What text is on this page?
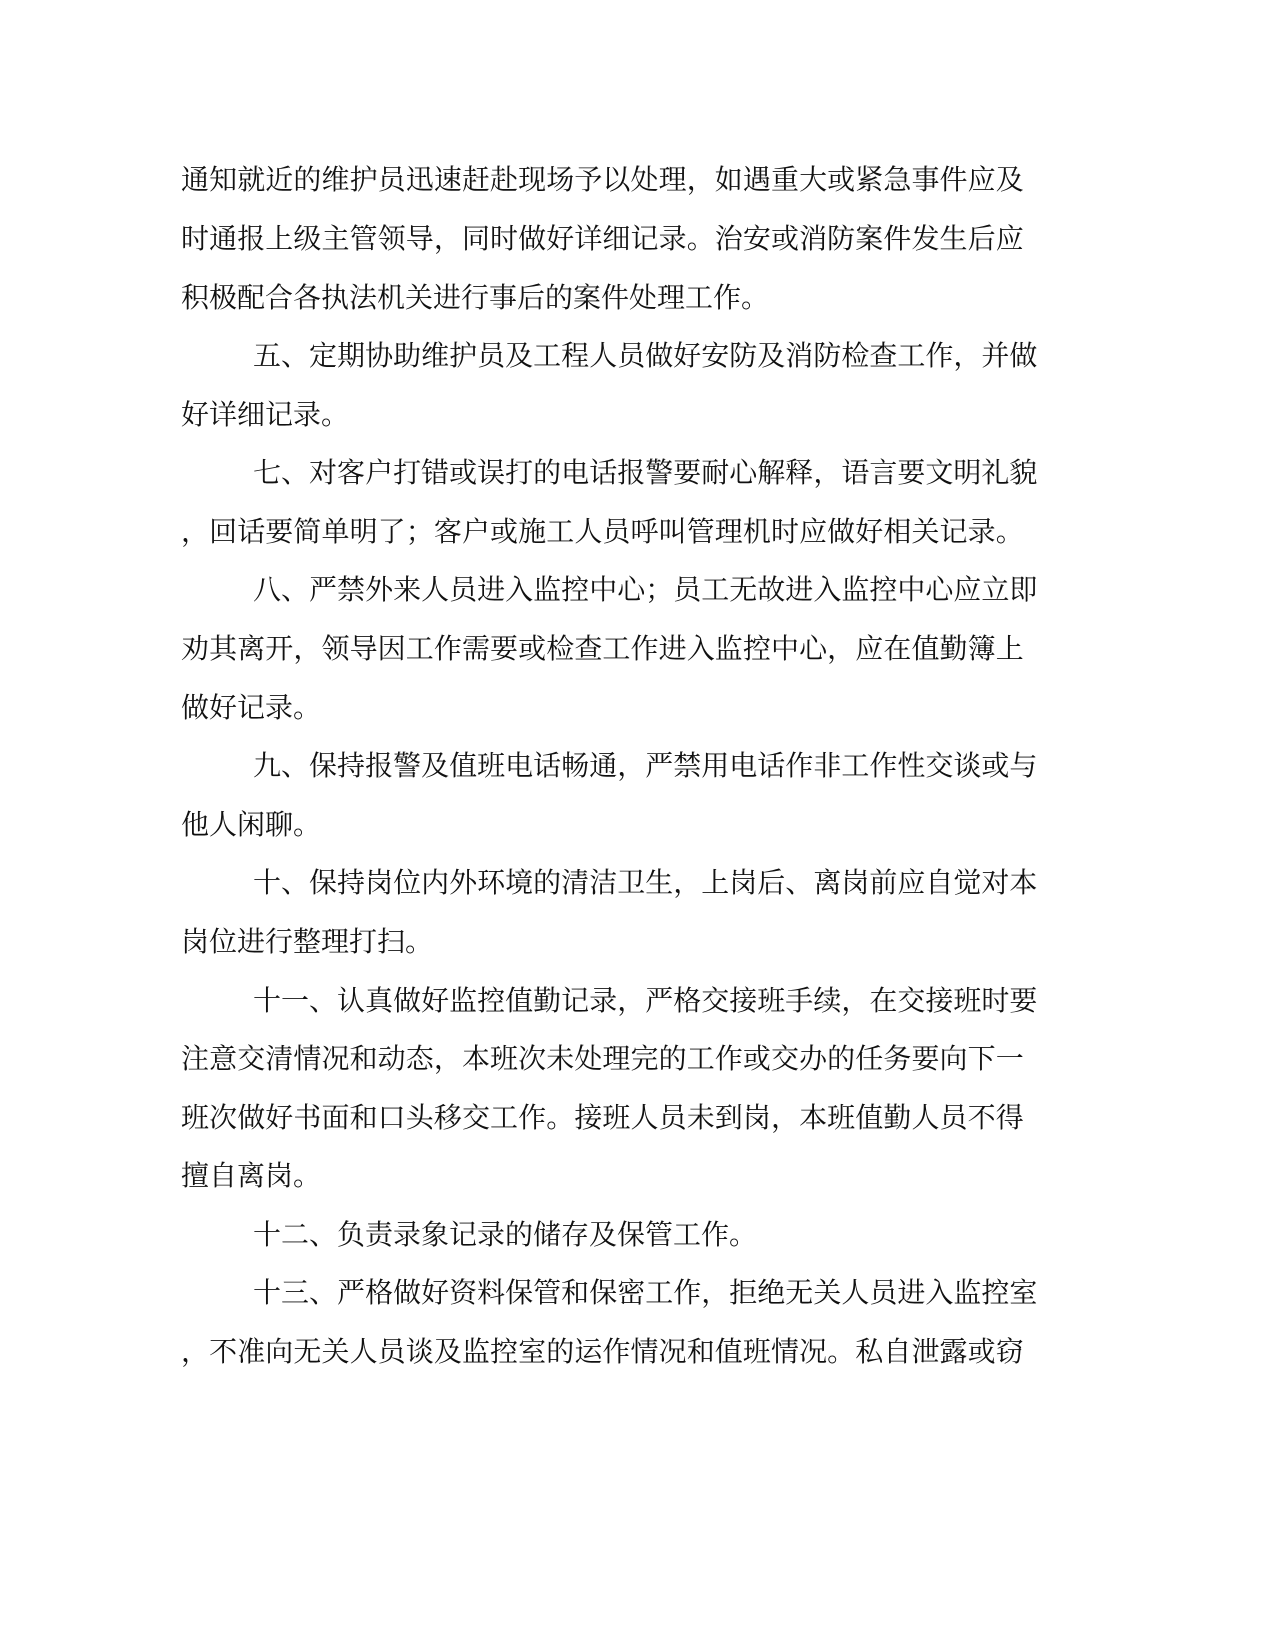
通 知 就 近 的 维 护 员 迅 速 赶 赴 现 场 予 以 处 理 ， 如 遇 重 大 或 紧 急 事 件 应 及
时 通 报 上 级 主 管 领 导 ， 同 时 做 好 详 细 记 录 。 治 安 或 消 防 案 件 发 生 后 应
积极配合各执法机关进行事后的案件处理工作。
五 、 定 期 协 助 维 护 员 及 工 程 人 员 做 好 安 防 及 消 防 检 查 工 作 ， 并 做
好详细记录。
七 、 对 客 户 打 错 或 误 打 的 电 话 报 警 要 耐 心 解 释 ， 语 言 要 文 明 礼 貌
， 回 话 要 简 单 明 了 ； 客 户 或 施 工 人 员 呼 叫 管 理 机 时 应 做 好 相 关 记 录 。
八 、 严 禁 外 来 人 员 进 入 监 控 中 心 ； 员 工 无 故 进 入 监 控 中 心 应 立 即
劝 其 离 开 ， 领 导 因 工 作 需 要 或 检 查 工 作 进 入 监 控 中 心 ， 应 在 值 勤 簿 上
做好记录。
九 、 保 持 报 警 及 值 班 电 话 畅 通 ， 严 禁 用 电 话 作 非 工 作 性 交 谈 或 与
他人闲聊。
十 、 保 持 岗 位 内 外 环 境 的 清 洁 卫 生 ， 上 岗 后 、 离 岗 前 应 自 觉 对 本
岗位进行整理打扫。
十 一 、 认 真 做 好 监 控 值 勤 记 录 ， 严 格 交 接 班 手 续 ， 在 交 接 班 时 要
注 意 交 清 情 况 和 动 态 ， 本 班 次 未 处 理 完 的 工 作 或 交 办 的 任 务 要 向 下 一
班 次 做 好 书 面 和 口 头 移 交 工 作 。 接 班 人 员 未 到 岗 ， 本 班 值 勤 人 员 不 得
擅自离岗。
十二、负责录象记录的储存及保管工作。
十 三 、 严 格 做 好 资 料 保 管 和 保 密 工 作 ， 拒 绝 无 关 人 员 进 入 监 控 室
， 不 准 向 无 关 人 员 谈 及 监 控 室 的 运 作 情 况 和 值 班 情 况 。 私 自 泄 露 或 窃
